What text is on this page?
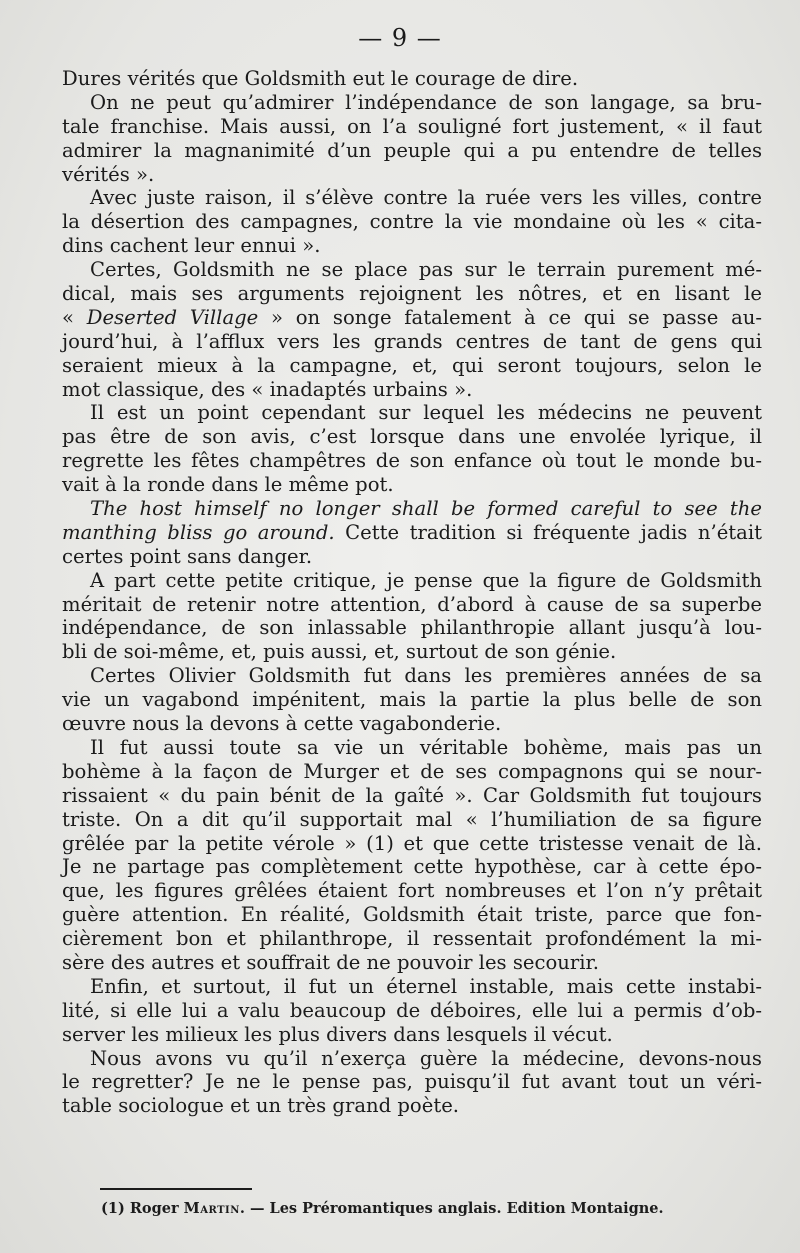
— 9 —
Dures vérités que Goldsmith eut le courage de dire.
On ne peut qu’admirer l’indépendance de son langage, sa bru-
tale franchise. Mais aussi, on l’a souligné fort justement, « il faut
admirer la magnanimité d’un peuple qui a pu entendre de telles
vérités ».
Avec juste raison, il s’élève contre la ruée vers les villes, contre
la désertion des campagnes, contre la vie mondaine où les « cita-
dins cachent leur ennui ».
Certes, Goldsmith ne se place pas sur le terrain purement mé-
dical, mais ses arguments rejoignent les nôtres, et en lisant le
« Deserted Village » on songe fatalement à ce qui se passe au-
jourd’hui, à l’afflux vers les grands centres de tant de gens qui
seraient mieux à la campagne, et, qui seront toujours, selon le
mot classique, des « inadaptés urbains ».
Il est un point cependant sur lequel les médecins ne peuvent
pas être de son avis, c’est lorsque dans une envolée lyrique, il
regrette les fêtes champêtres de son enfance où tout le monde bu-
vait à la ronde dans le même pot.
The host himself no longer shall be formed careful to see the
manthing bliss go around. Cette tradition si fréquente jadis n’était
certes point sans danger.
A part cette petite critique, je pense que la figure de Goldsmith
méritait de retenir notre attention, d’abord à cause de sa superbe
indépendance, de son inlassable philanthropie allant jusqu’à lou-
bli de soi-même, et, puis aussi, et, surtout de son génie.
Certes Olivier Goldsmith fut dans les premières années de sa
vie un vagabond impénitent, mais la partie la plus belle de son
œuvre nous la devons à cette vagabonderie.
Il fut aussi toute sa vie un véritable bohème, mais pas un
bohème à la façon de Murger et de ses compagnons qui se nour-
rissaient « du pain bénit de la gaîté ». Car Goldsmith fut toujours
triste. On a dit qu’il supportait mal « l’humiliation de sa figure
grêlée par la petite vérole » (1) et que cette tristesse venait de là.
Je ne partage pas complètement cette hypothèse, car à cette épo-
que, les figures grêlées étaient fort nombreuses et l’on n’y prêtait
guère attention. En réalité, Goldsmith était triste, parce que fon-
cièrement bon et philanthrope, il ressentait profondément la mi-
sère des autres et souffrait de ne pouvoir les secourir.
Enfin, et surtout, il fut un éternel instable, mais cette instabi-
lité, si elle lui a valu beaucoup de déboires, elle lui a permis d’ob-
server les milieux les plus divers dans lesquels il vécut.
Nous avons vu qu’il n’exerça guère la médecine, devons-nous
le regretter? Je ne le pense pas, puisqu’il fut avant tout un véri-
table sociologue et un très grand poète.
(1) Roger Martin. — Les Préromantiques anglais. Edition Montaigne.
